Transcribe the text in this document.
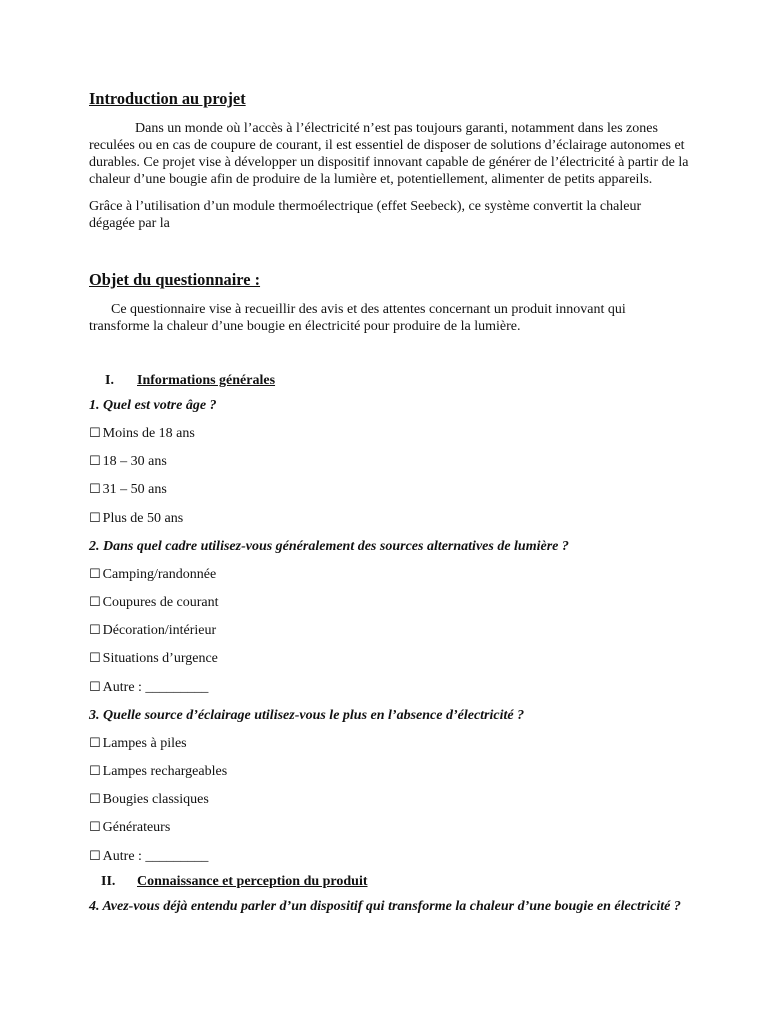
Introduction au projet

Dans un monde où l’accès à l’électricité n’est pas toujours garanti, notamment dans les zones reculées ou en cas de coupure de courant, il est essentiel de disposer de solutions d’éclairage autonomes et durables. Ce projet vise à développer un dispositif innovant capable de générer de l’électricité à partir de la chaleur d’une bougie afin de produire de la lumière et, potentiellement, alimenter de petits appareils.

Grâce à l’utilisation d’un module thermoélectrique (effet Seebeck), ce système convertit la chaleur dégagée par la

Objet du questionnaire :

Ce questionnaire vise à recueillir des avis et des attentes concernant un produit innovant qui transforme la chaleur d’une bougie en électricité pour produire de la lumière.

I.	Informations générales
1. Quel est votre âge ?
☐ Moins de 18 ans
☐ 18 – 30 ans
☐ 31 – 50 ans
☐ Plus de 50 ans
2. Dans quel cadre utilisez-vous généralement des sources alternatives de lumière ?
☐ Camping/randonnée
☐ Coupures de courant
☐ Décoration/intérieur
☐ Situations d’urgence
☐ Autre : _________
3. Quelle source d’éclairage utilisez-vous le plus en l’absence d’électricité ?
☐ Lampes à piles
☐ Lampes rechargeables
☐ Bougies classiques
☐ Générateurs
☐ Autre : _________
II.	Connaissance et perception du produit
4. Avez-vous déjà entendu parler d’un dispositif qui transforme la chaleur d’une bougie en électricité ?
